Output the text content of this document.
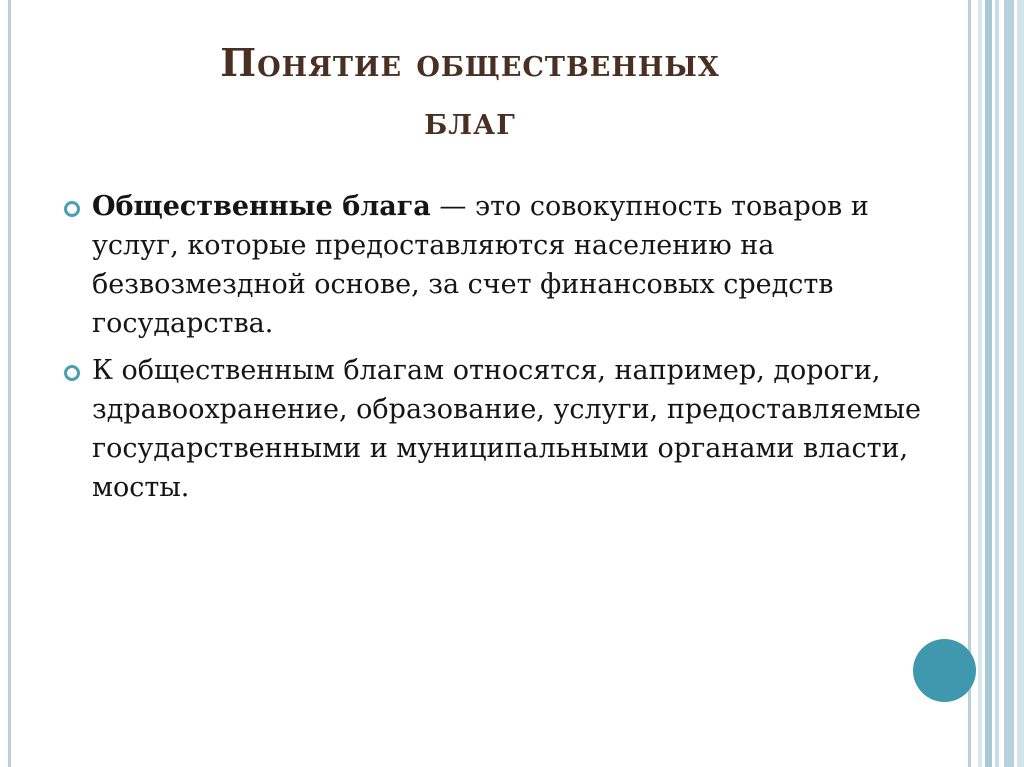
Понятие общественных
благ

Общественные блага — это совокупность товаров и услуг, которые предоставляются населению на безвозмездной основе, за счет финансовых средств государства.

К общественным благам относятся, например, дороги, здравоохранение, образование, услуги, предоставляемые государственными и муниципальными органами власти, мосты.
